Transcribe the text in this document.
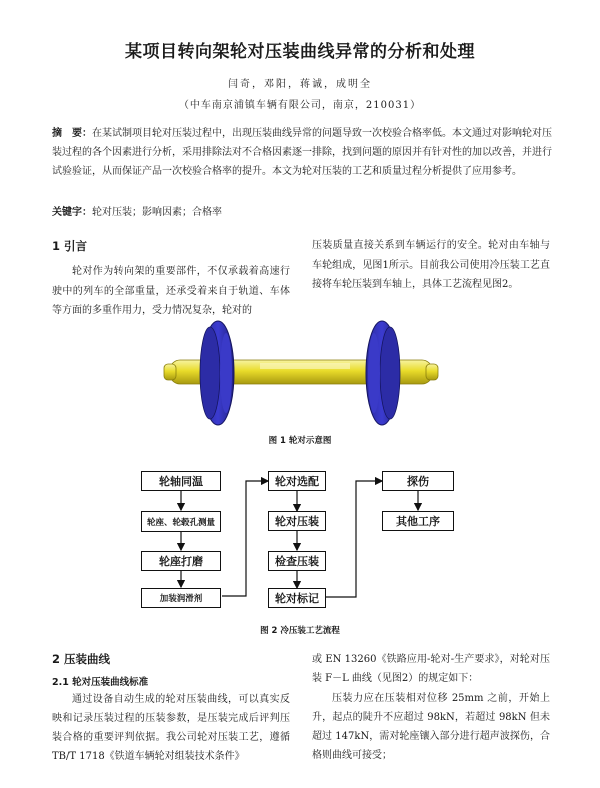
某项目转向架轮对压装曲线异常的分析和处理
闫奇，邓阳，蒋诚，成明全
（中车南京浦镇车辆有限公司，南京，210031）
摘　要：在某试制项目轮对压装过程中，出现压装曲线异常的问题导致一次校验合格率低。本文通过对影响轮对压装过程的各个因素进行分析，采用排除法对不合格因素逐一排除，找到问题的原因并有针对性的加以改善，并进行试验验证，从而保证产品一次校验合格率的提升。本文为轮对压装的工艺和质量过程分析提供了应用参考。
关键字：轮对压装；影响因素；合格率
1 引言
轮对作为转向架的重要部件，不仅承载着高速行驶中的列车的全部重量，还承受着来自于轨道、车体等方面的多重作用力，受力情况复杂，轮对的
压装质量直接关系到车辆运行的安全。轮对由车轴与车轮组成，见图1所示。目前我公司使用冷压装工艺直接将车轮压装到车轴上，具体工艺流程见图2。
图 1 轮对示意图
轮轴同温
轮座、轮毂孔测量
轮座打磨
加装润滑剂
轮对选配
轮对压装
检查压装
轮对标记
探伤
其他工序
图 2 冷压装工艺流程
2 压装曲线
2.1 轮对压装曲线标准
通过设备自动生成的轮对压装曲线，可以真实反映和记录压装过程的压装参数，是压装完成后评判压装合格的重要评判依据。我公司轮对压装工艺，遵循 TB/T 1718《铁道车辆轮对组装技术条件》
或 EN 13260《铁路应用-轮对-生产要求》，对轮对压装 F－L 曲线（见图2）的规定如下：
压装力应在压装相对位移 25mm 之前，开始上升，起点的陡升不应超过 98kN，若超过 98kN 但未超过 147kN，需对轮座镶入部分进行超声波探伤，合格则曲线可接受；
